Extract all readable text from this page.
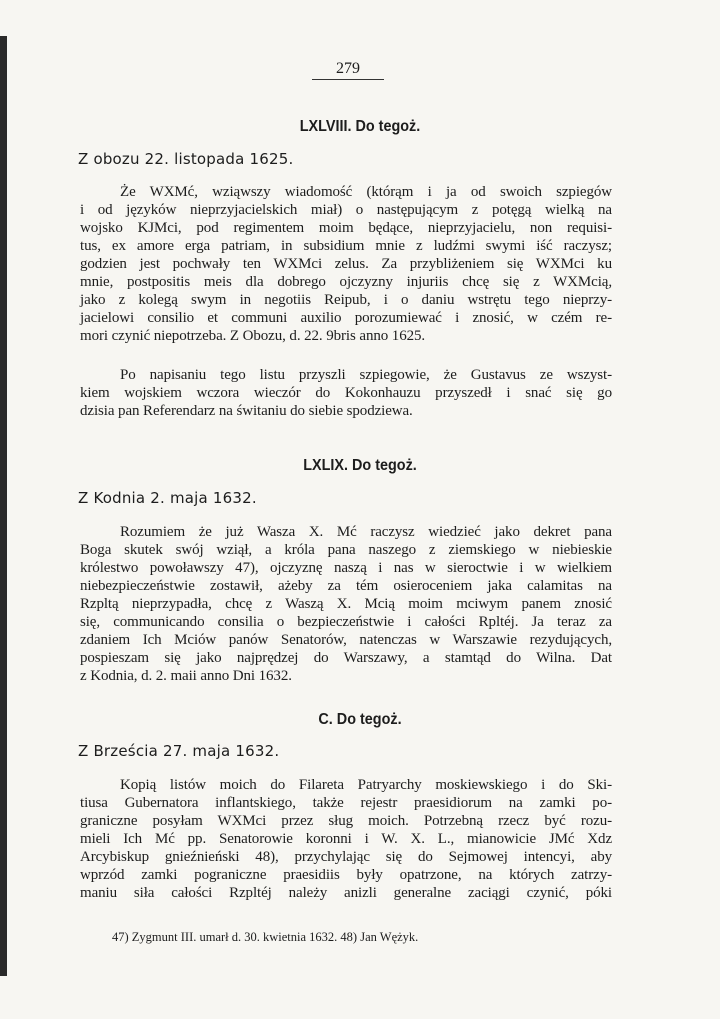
279
LXLVIII. Do tegoż.
Z obozu 22. listopada 1625.
Że WXMć, wziąwszy wiadomość (którąm i ja od swoich szpiegów
i od języków nieprzyjacielskich miał) o następującym z potęgą wielką na
wojsko KJMci, pod regimentem moim będące, nieprzyjacielu, non requisi-
tus, ex amore erga patriam, in subsidium mnie z ludźmi swymi iść raczysz;
godzien jest pochwały ten WXMci zelus. Za przybliżeniem się WXMci ku
mnie, postpositis meis dla dobrego ojczyzny injuriis chcę się z WXMcią,
jako z kolegą swym in negotiis Reipub, i o daniu wstrętu tego nieprzy-
jacielowi consilio et communi auxilio porozumiewać i znosić, w czém re-
mori czynić niepotrzeba. Z Obozu, d. 22. 9bris anno 1625.
Po napisaniu tego listu przyszli szpiegowie, że Gustavus ze wszyst-
kiem wojskiem wczora wieczór do Kokonhauzu przyszedł i snać się go
dzisia pan Referendarz na świtaniu do siebie spodziewa.
LXLIX. Do tegoż.
Z Kodnia 2. maja 1632.
Rozumiem że już Wasza X. Mć raczysz wiedzieć jako dekret pana
Boga skutek swój wziął, a króla pana naszego z ziemskiego w niebieskie
królestwo powoławszy 47), ojczyznę naszą i nas w sieroctwie i w wielkiem
niebezpieczeństwie zostawił, ażeby za tém osieroceniem jaka calamitas na
Rzpltą nieprzypadła, chcę z Waszą X. Mcią moim mciwym panem znosić
się, communicando consilia o bezpieczeństwie i całości Rpltéj. Ja teraz za
zdaniem Ich Mciów panów Senatorów, natenczas w Warszawie rezydujących,
pospieszam się jako najprędzej do Warszawy, a stamtąd do Wilna. Dat
z Kodnia, d. 2. maii anno Dni 1632.
C. Do tegoż.
Z Brześcia 27. maja 1632.
Kopią listów moich do Filareta Patryarchy moskiewskiego i do Ski-
tiusa Gubernatora inflantskiego, także rejestr praesidiorum na zamki po-
graniczne posyłam WXMci przez sług moich. Potrzebną rzecz być rozu-
mieli Ich Mć pp. Senatorowie koronni i W. X. L., mianowicie JMć Xdz
Arcybiskup gnieźnieński 48), przychylając się do Sejmowej intencyi, aby
wprzód zamki pograniczne praesidiis były opatrzone, na których zatrzy-
maniu siła całości Rzpltéj należy anizli generalne zaciągi czynić, póki
47) Zygmunt III. umarł d. 30. kwietnia 1632. 48) Jan Wężyk.
